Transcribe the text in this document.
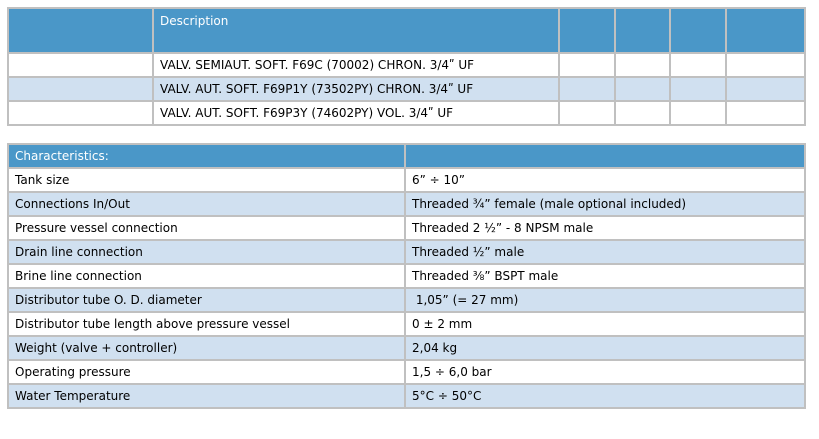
	Description				
	VALV. SEMIAUT. SOFT. F69C (70002) CHRON. 3/4ʺ UF				
	VALV. AUT. SOFT. F69P1Y (73502PY) CHRON. 3/4ʺ UF				
	VALV. AUT. SOFT. F69P3Y (74602PY) VOL. 3/4ʺ UF				
Characteristics:	
Tank size	6” ÷ 10”
Connections In/Out	Threaded ¾” female (male optional included)
Pressure vessel connection	Threaded 2 ½” - 8 NPSM male
Drain line connection	Threaded ½” male
Brine line connection	Threaded ⅜” BSPT male
Distributor tube O. D. diameter	1,05” (= 27 mm)
Distributor tube length above pressure vessel	0 ± 2 mm
Weight (valve + controller)	2,04 kg
Operating pressure	1,5 ÷ 6,0 bar
Water Temperature	5°C ÷ 50°C
